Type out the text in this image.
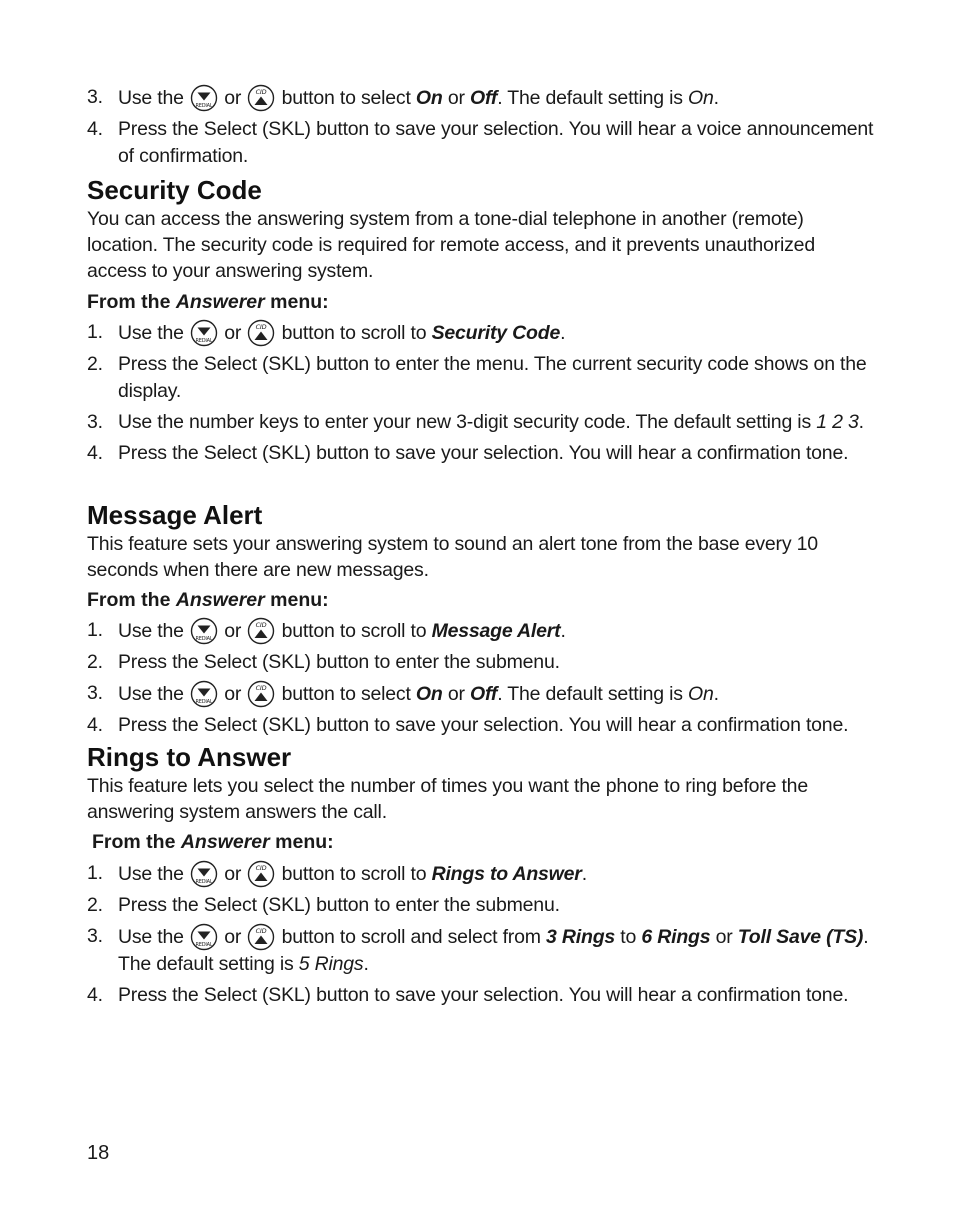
3. Use the or button to select On or Off. The default setting is On.
4. Press the Select (SKL) button to save your selection. You will hear a voice announcement of confirmation.
Security Code

You can access the answering system from a tone-dial telephone in another (remote) location. The security code is required for remote access, and it prevents unauthorized access to your answering system.

From the Answerer menu:

1. Use the or button to scroll to Security Code.
2. Press the Select (SKL) button to enter the menu. The current security code shows on the display.
3. Use the number keys to enter your new 3-digit security code. The default setting is 1 2 3.
4. Press the Select (SKL) button to save your selection. You will hear a confirmation tone.
Message Alert

This feature sets your answering system to sound an alert tone from the base every 10 seconds when there are new messages.

From the Answerer menu:

1. Use the or button to scroll to Message Alert.
2. Press the Select (SKL) button to enter the submenu.
3. Use the or button to select On or Off. The default setting is On.
4. Press the Select (SKL) button to save your selection. You will hear a confirmation tone.
Rings to Answer

This feature lets you select the number of times you want the phone to ring before the answering system answers the call.

From the Answerer menu:

1. Use the or button to scroll to Rings to Answer.
2. Press the Select (SKL) button to enter the submenu.
3. Use the or button to scroll and select from 3 Rings to 6 Rings or Toll Save (TS). The default setting is 5 Rings.
4. Press the Select (SKL) button to save your selection. You will hear a confirmation tone.
18
